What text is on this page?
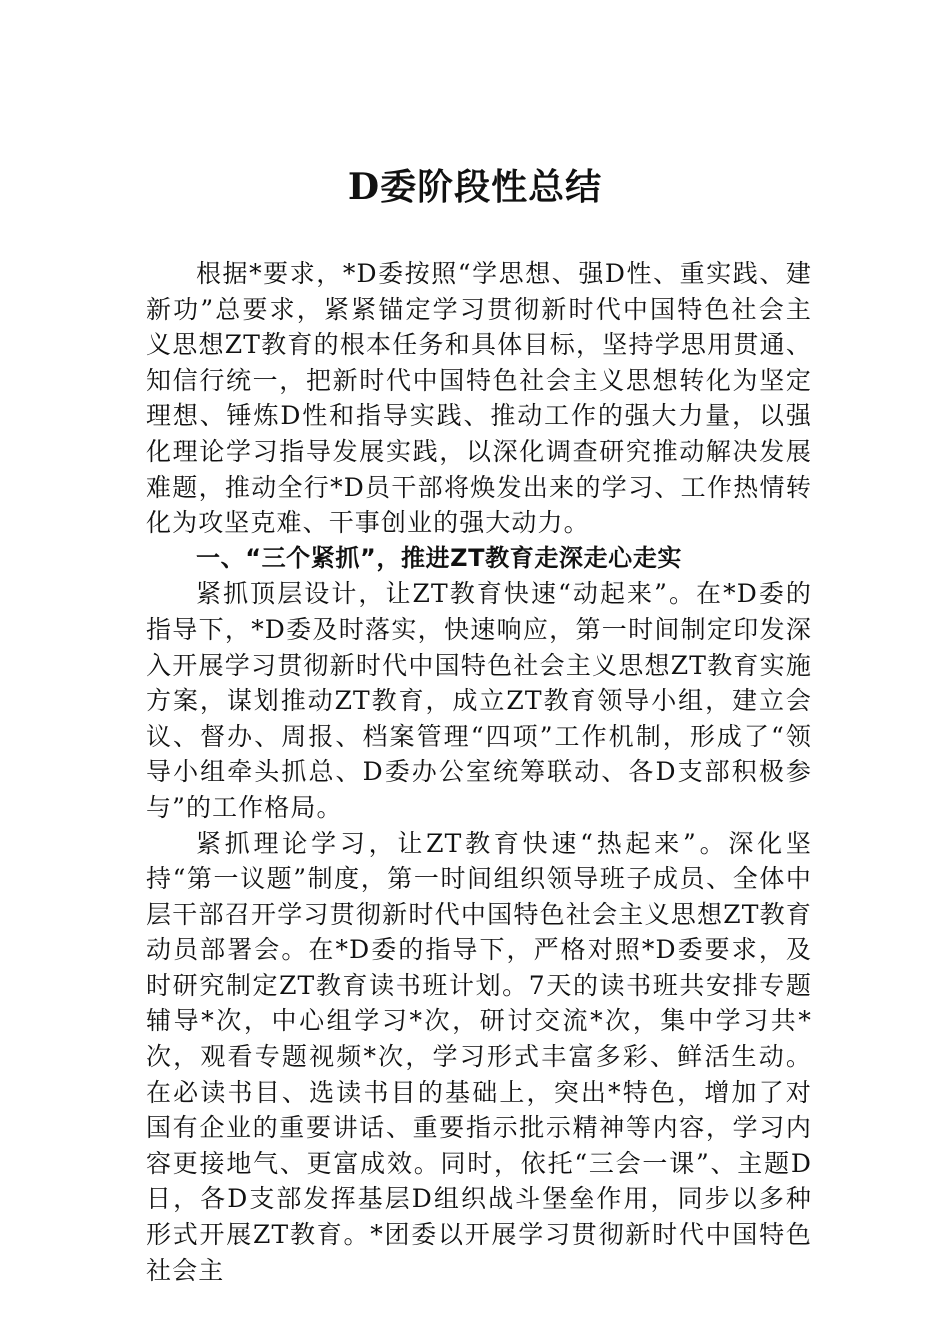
D委阶段性总结

根据*要求，*D委按照“学思想、强D性、重实践、建新功”总要求，紧紧锚定学习贯彻新时代中国特色社会主义思想ZT教育的根本任务和具体目标，坚持学思用贯通、知信行统一，把新时代中国特色社会主义思想转化为坚定理想、锤炼D性和指导实践、推动工作的强大力量，以强化理论学习指导发展实践，以深化调查研究推动解决发展难题，推动全行*D员干部将焕发出来的学习、工作热情转化为攻坚克难、干事创业的强大动力。

一、“三个紧抓”，推进ZT教育走深走心走实

紧抓顶层设计，让ZT教育快速“动起来”。在*D委的指导下，*D委及时落实，快速响应，第一时间制定印发深入开展学习贯彻新时代中国特色社会主义思想ZT教育实施方案，谋划推动ZT教育，成立ZT教育领导小组，建立会议、督办、周报、档案管理“四项”工作机制，形成了“领导小组牵头抓总、D委办公室统筹联动、各D支部积极参与”的工作格局。

紧抓理论学习，让ZT教育快速“热起来”。深化坚持“第一议题”制度，第一时间组织领导班子成员、全体中层干部召开学习贯彻新时代中国特色社会主义思想ZT教育动员部署会。在*D委的指导下，严格对照*D委要求，及时研究制定ZT教育读书班计划。7天的读书班共安排专题辅导*次，中心组学习*次，研讨交流*次，集中学习共*次，观看专题视频*次，学习形式丰富多彩、鲜活生动。在必读书目、选读书目的基础上，突出*特色，增加了对国有企业的重要讲话、重要指示批示精神等内容，学习内容更接地气、更富成效。同时，依托“三会一课”、主题D日，各D支部发挥基层D组织战斗堡垒作用，同步以多种形式开展ZT教育。*团委以开展学习贯彻新时代中国特色社会主
